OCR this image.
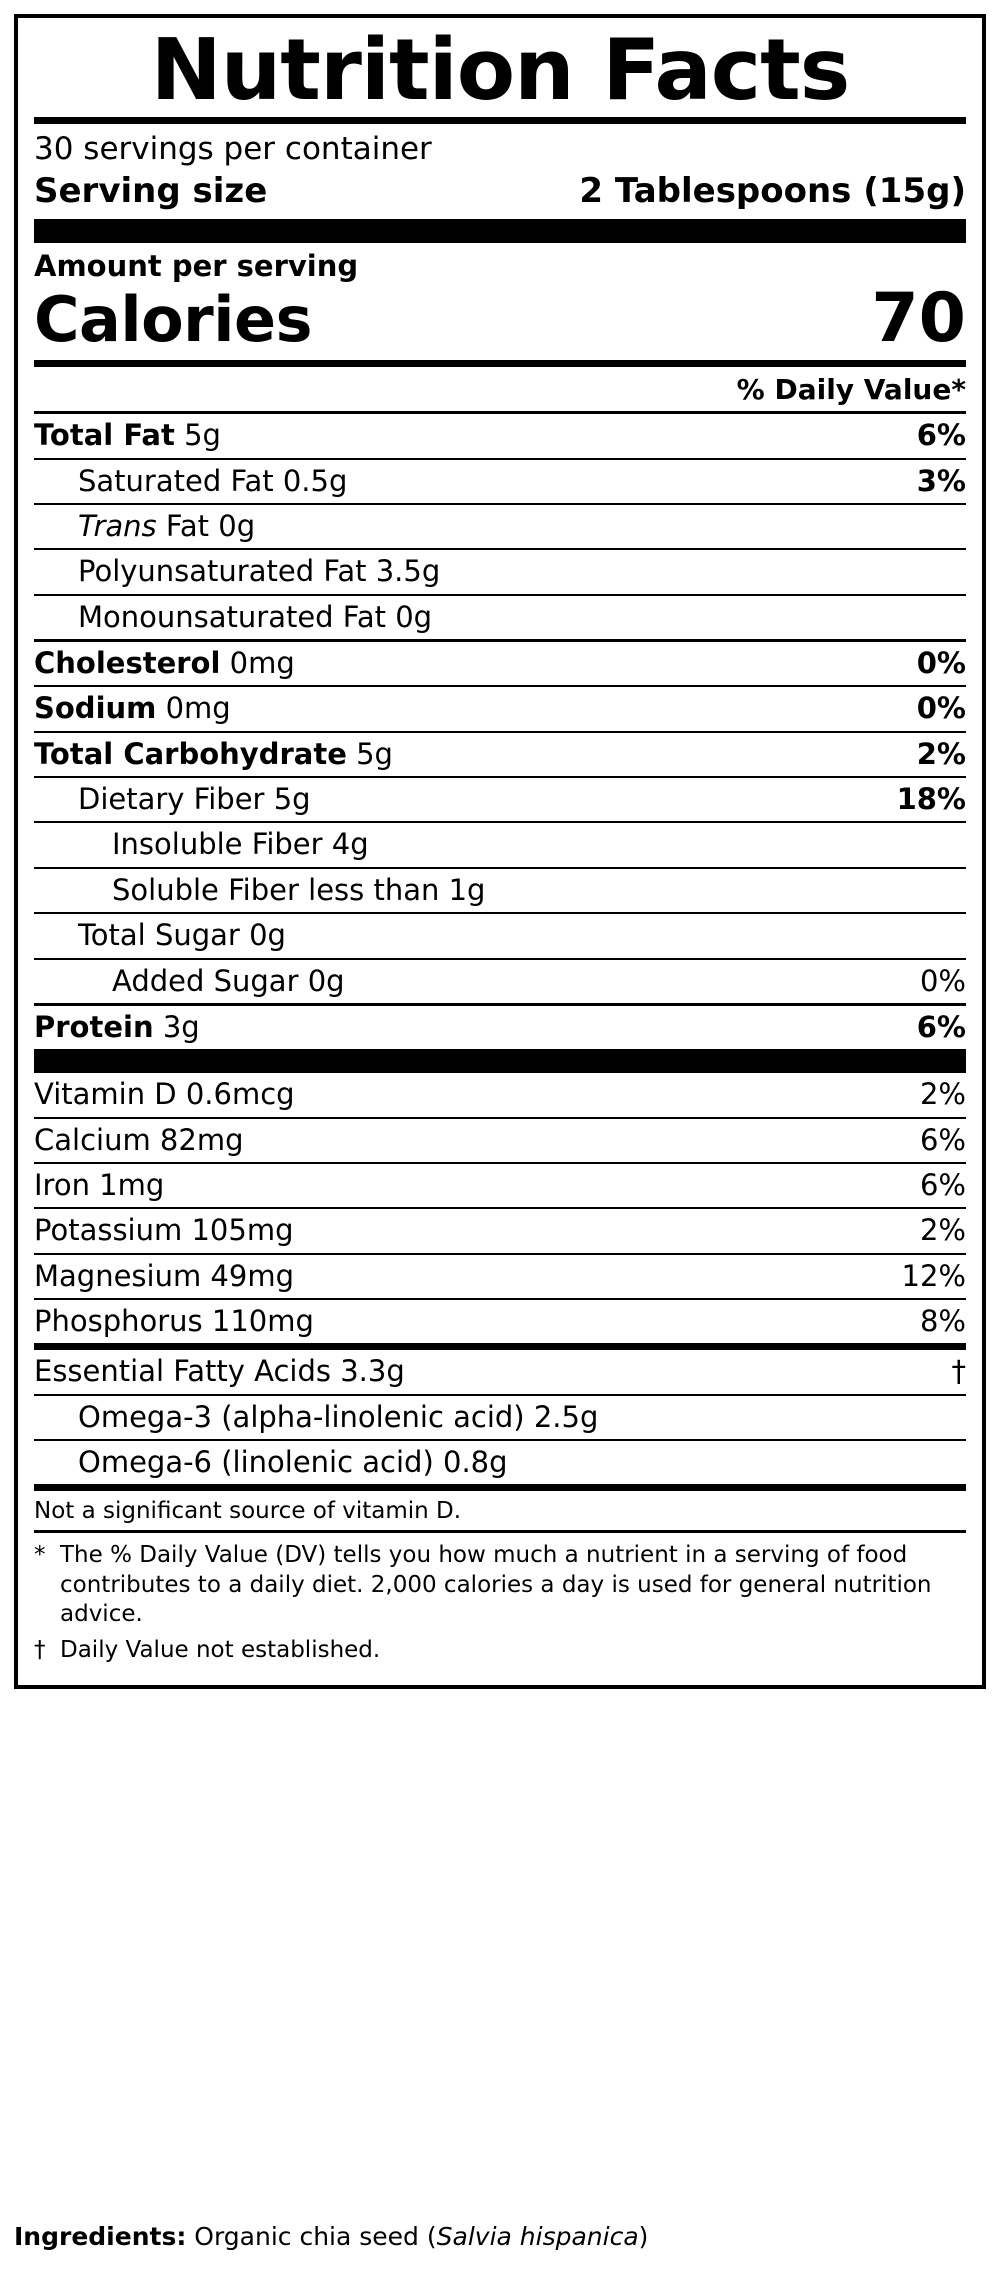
Nutrition Facts
30 servings per container
Serving size	2 Tablespoons (15g)
Amount per serving
Calories	70
% Daily Value*
Total Fat 5g	6%
Saturated Fat 0.5g	3%
Trans Fat 0g
Polyunsaturated Fat 3.5g
Monounsaturated Fat 0g
Cholesterol 0mg	0%
Sodium 0mg	0%
Total Carbohydrate 5g	2%
Dietary Fiber 5g	18%
Insoluble Fiber 4g
Soluble Fiber less than 1g
Total Sugar 0g
Added Sugar 0g	0%
Protein 3g	6%
Vitamin D 0.6mcg	2%
Calcium 82mg	6%
Iron 1mg	6%
Potassium 105mg	2%
Magnesium 49mg	12%
Phosphorus 110mg	8%
Essential Fatty Acids 3.3g	†
Omega-3 (alpha-linolenic acid) 2.5g
Omega-6 (linolenic acid) 0.8g
Not a significant source of vitamin D.
* The % Daily Value (DV) tells you how much a nutrient in a serving of food contributes to a daily diet. 2,000 calories a day is used for general nutrition advice.
† Daily Value not established.
Ingredients: Organic chia seed (Salvia hispanica)
